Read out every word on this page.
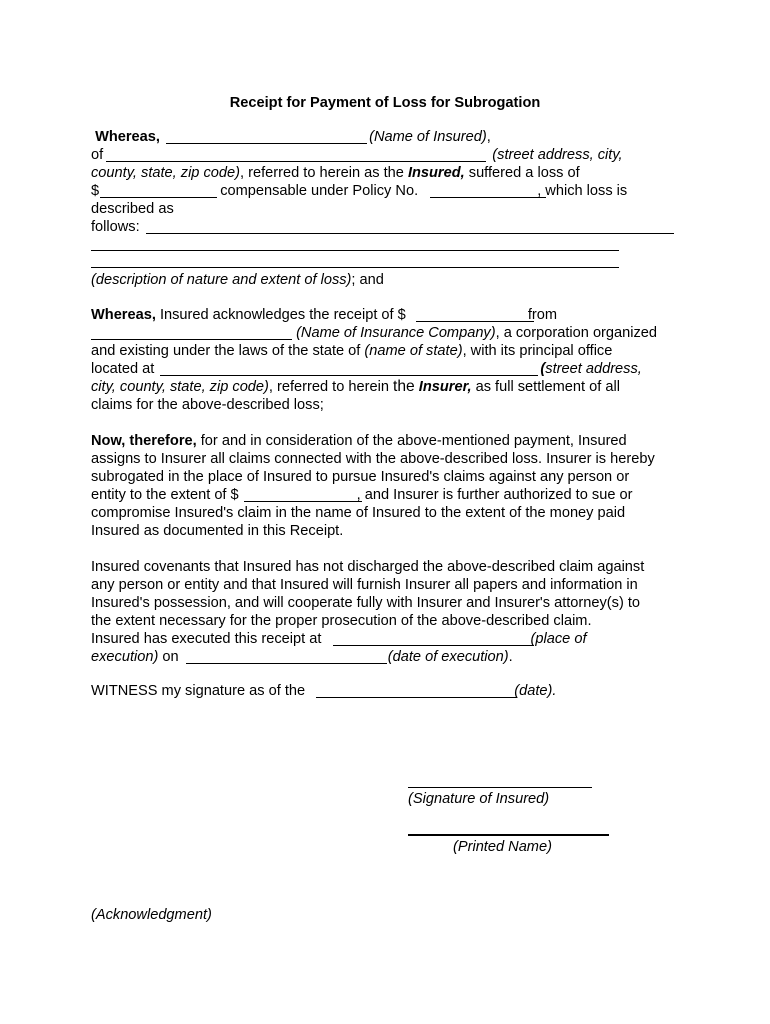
Receipt for Payment of Loss for Subrogation
Whereas,	(Name of Insured),
of	(street address, city,
county, state, zip code), referred to herein as the Insured, suffered a loss of
$	compensable under Policy No.	, which loss is
described as
follows:
(description of nature and extent of loss); and
Whereas, Insured acknowledges the receipt of $	from
(Name of Insurance Company), a corporation organized
and existing under the laws of the state of (name of state), with its principal office
located at	(street address,
city, county, state, zip code), referred to herein the Insurer, as full settlement of all
claims for the above-described loss;
Now, therefore, for and in consideration of the above-mentioned payment, Insured
assigns to Insurer all claims connected with the above-described loss. Insurer is hereby
subrogated in the place of Insured to pursue Insured's claims against any person or
entity to the extent of $	, and Insurer is further authorized to sue or
compromise Insured's claim in the name of Insured to the extent of the money paid
Insured as documented in this Receipt.
Insured covenants that Insured has not discharged the above-described claim against
any person or entity and that Insured will furnish Insurer all papers and information in
Insured's possession, and will cooperate fully with Insurer and Insurer's attorney(s) to
the extent necessary for the proper prosecution of the above-described claim.
Insured has executed this receipt at	(place of
execution) on	(date of execution).
WITNESS my signature as of the	(date).
(Signature of Insured)
(Printed Name)
(Acknowledgment)
